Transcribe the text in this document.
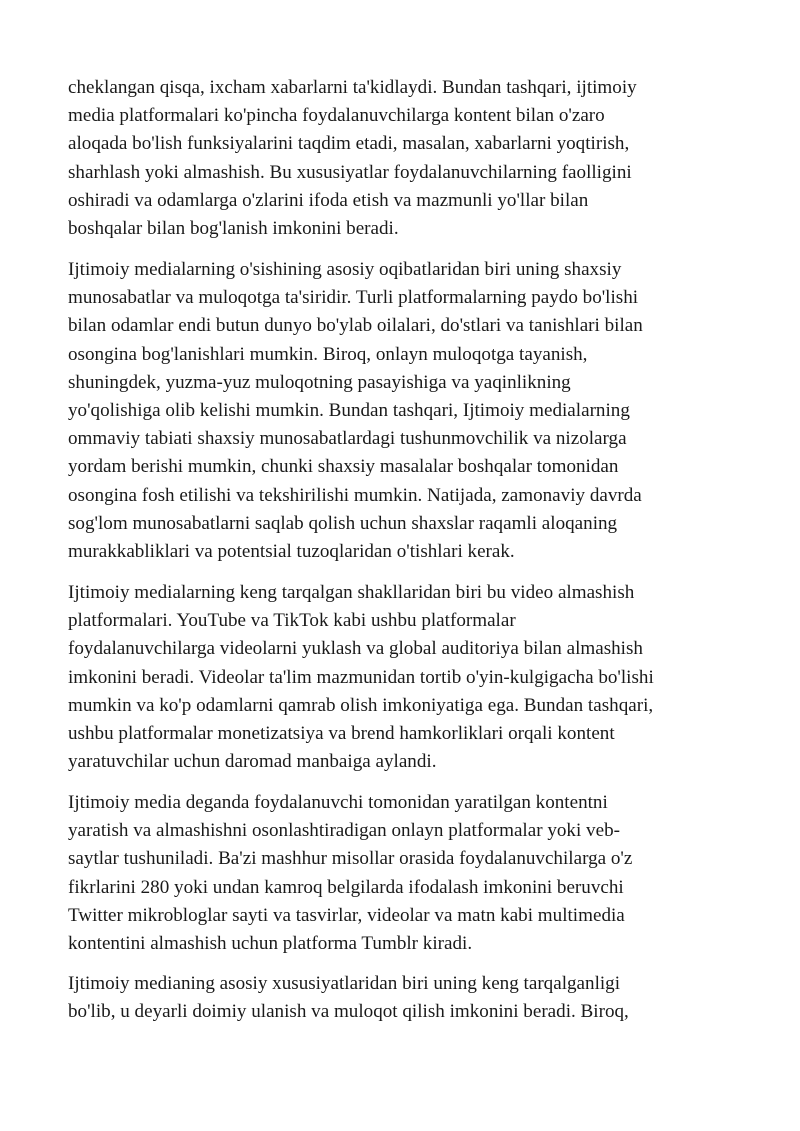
cheklangan qisqa, ixcham xabarlarni ta'kidlaydi. Bundan tashqari, ijtimoiy
media platformalari ko'pincha foydalanuvchilarga kontent bilan o'zaro
aloqada bo'lish funksiyalarini taqdim etadi, masalan, xabarlarni yoqtirish,
sharhlash yoki almashish. Bu xususiyatlar foydalanuvchilarning faolligini
oshiradi va odamlarga o'zlarini ifoda etish va mazmunli yo'llar bilan
boshqalar bilan bog'lanish imkonini beradi.
Ijtimoiy medialarning o'sishining asosiy oqibatlaridan biri uning shaxsiy
munosabatlar va muloqotga ta'siridir. Turli platformalarning paydo bo'lishi
bilan odamlar endi butun dunyo bo'ylab oilalari, do'stlari va tanishlari bilan
osongina bog'lanishlari mumkin. Biroq, onlayn muloqotga tayanish,
shuningdek, yuzma-yuz muloqotning pasayishiga va yaqinlikning
yo'qolishiga olib kelishi mumkin. Bundan tashqari, Ijtimoiy medialarning
ommaviy tabiati shaxsiy munosabatlardagi tushunmovchilik va nizolarga
yordam berishi mumkin, chunki shaxsiy masalalar boshqalar tomonidan
osongina fosh etilishi va tekshirilishi mumkin. Natijada, zamonaviy davrda
sog'lom munosabatlarni saqlab qolish uchun shaxslar raqamli aloqaning
murakkabliklari va potentsial tuzoqlaridan o'tishlari kerak.
Ijtimoiy medialarning keng tarqalgan shakllaridan biri bu video almashish
platformalari. YouTube va TikTok kabi ushbu platformalar
foydalanuvchilarga videolarni yuklash va global auditoriya bilan almashish
imkonini beradi. Videolar ta'lim mazmunidan tortib o'yin-kulgigacha bo'lishi
mumkin va ko'p odamlarni qamrab olish imkoniyatiga ega. Bundan tashqari,
ushbu platformalar monetizatsiya va brend hamkorliklari orqali kontent
yaratuvchilar uchun daromad manbaiga aylandi.
Ijtimoiy media deganda foydalanuvchi tomonidan yaratilgan kontentni
yaratish va almashishni osonlashtiradigan onlayn platformalar yoki veb-
saytlar tushuniladi. Ba'zi mashhur misollar orasida foydalanuvchilarga o'z
fikrlarini 280 yoki undan kamroq belgilarda ifodalash imkonini beruvchi
Twitter mikrobloglar sayti va tasvirlar, videolar va matn kabi multimedia
kontentini almashish uchun platforma Tumblr kiradi.
Ijtimoiy medianing asosiy xususiyatlaridan biri uning keng tarqalganligi
bo'lib, u deyarli doimiy ulanish va muloqot qilish imkonini beradi. Biroq,
